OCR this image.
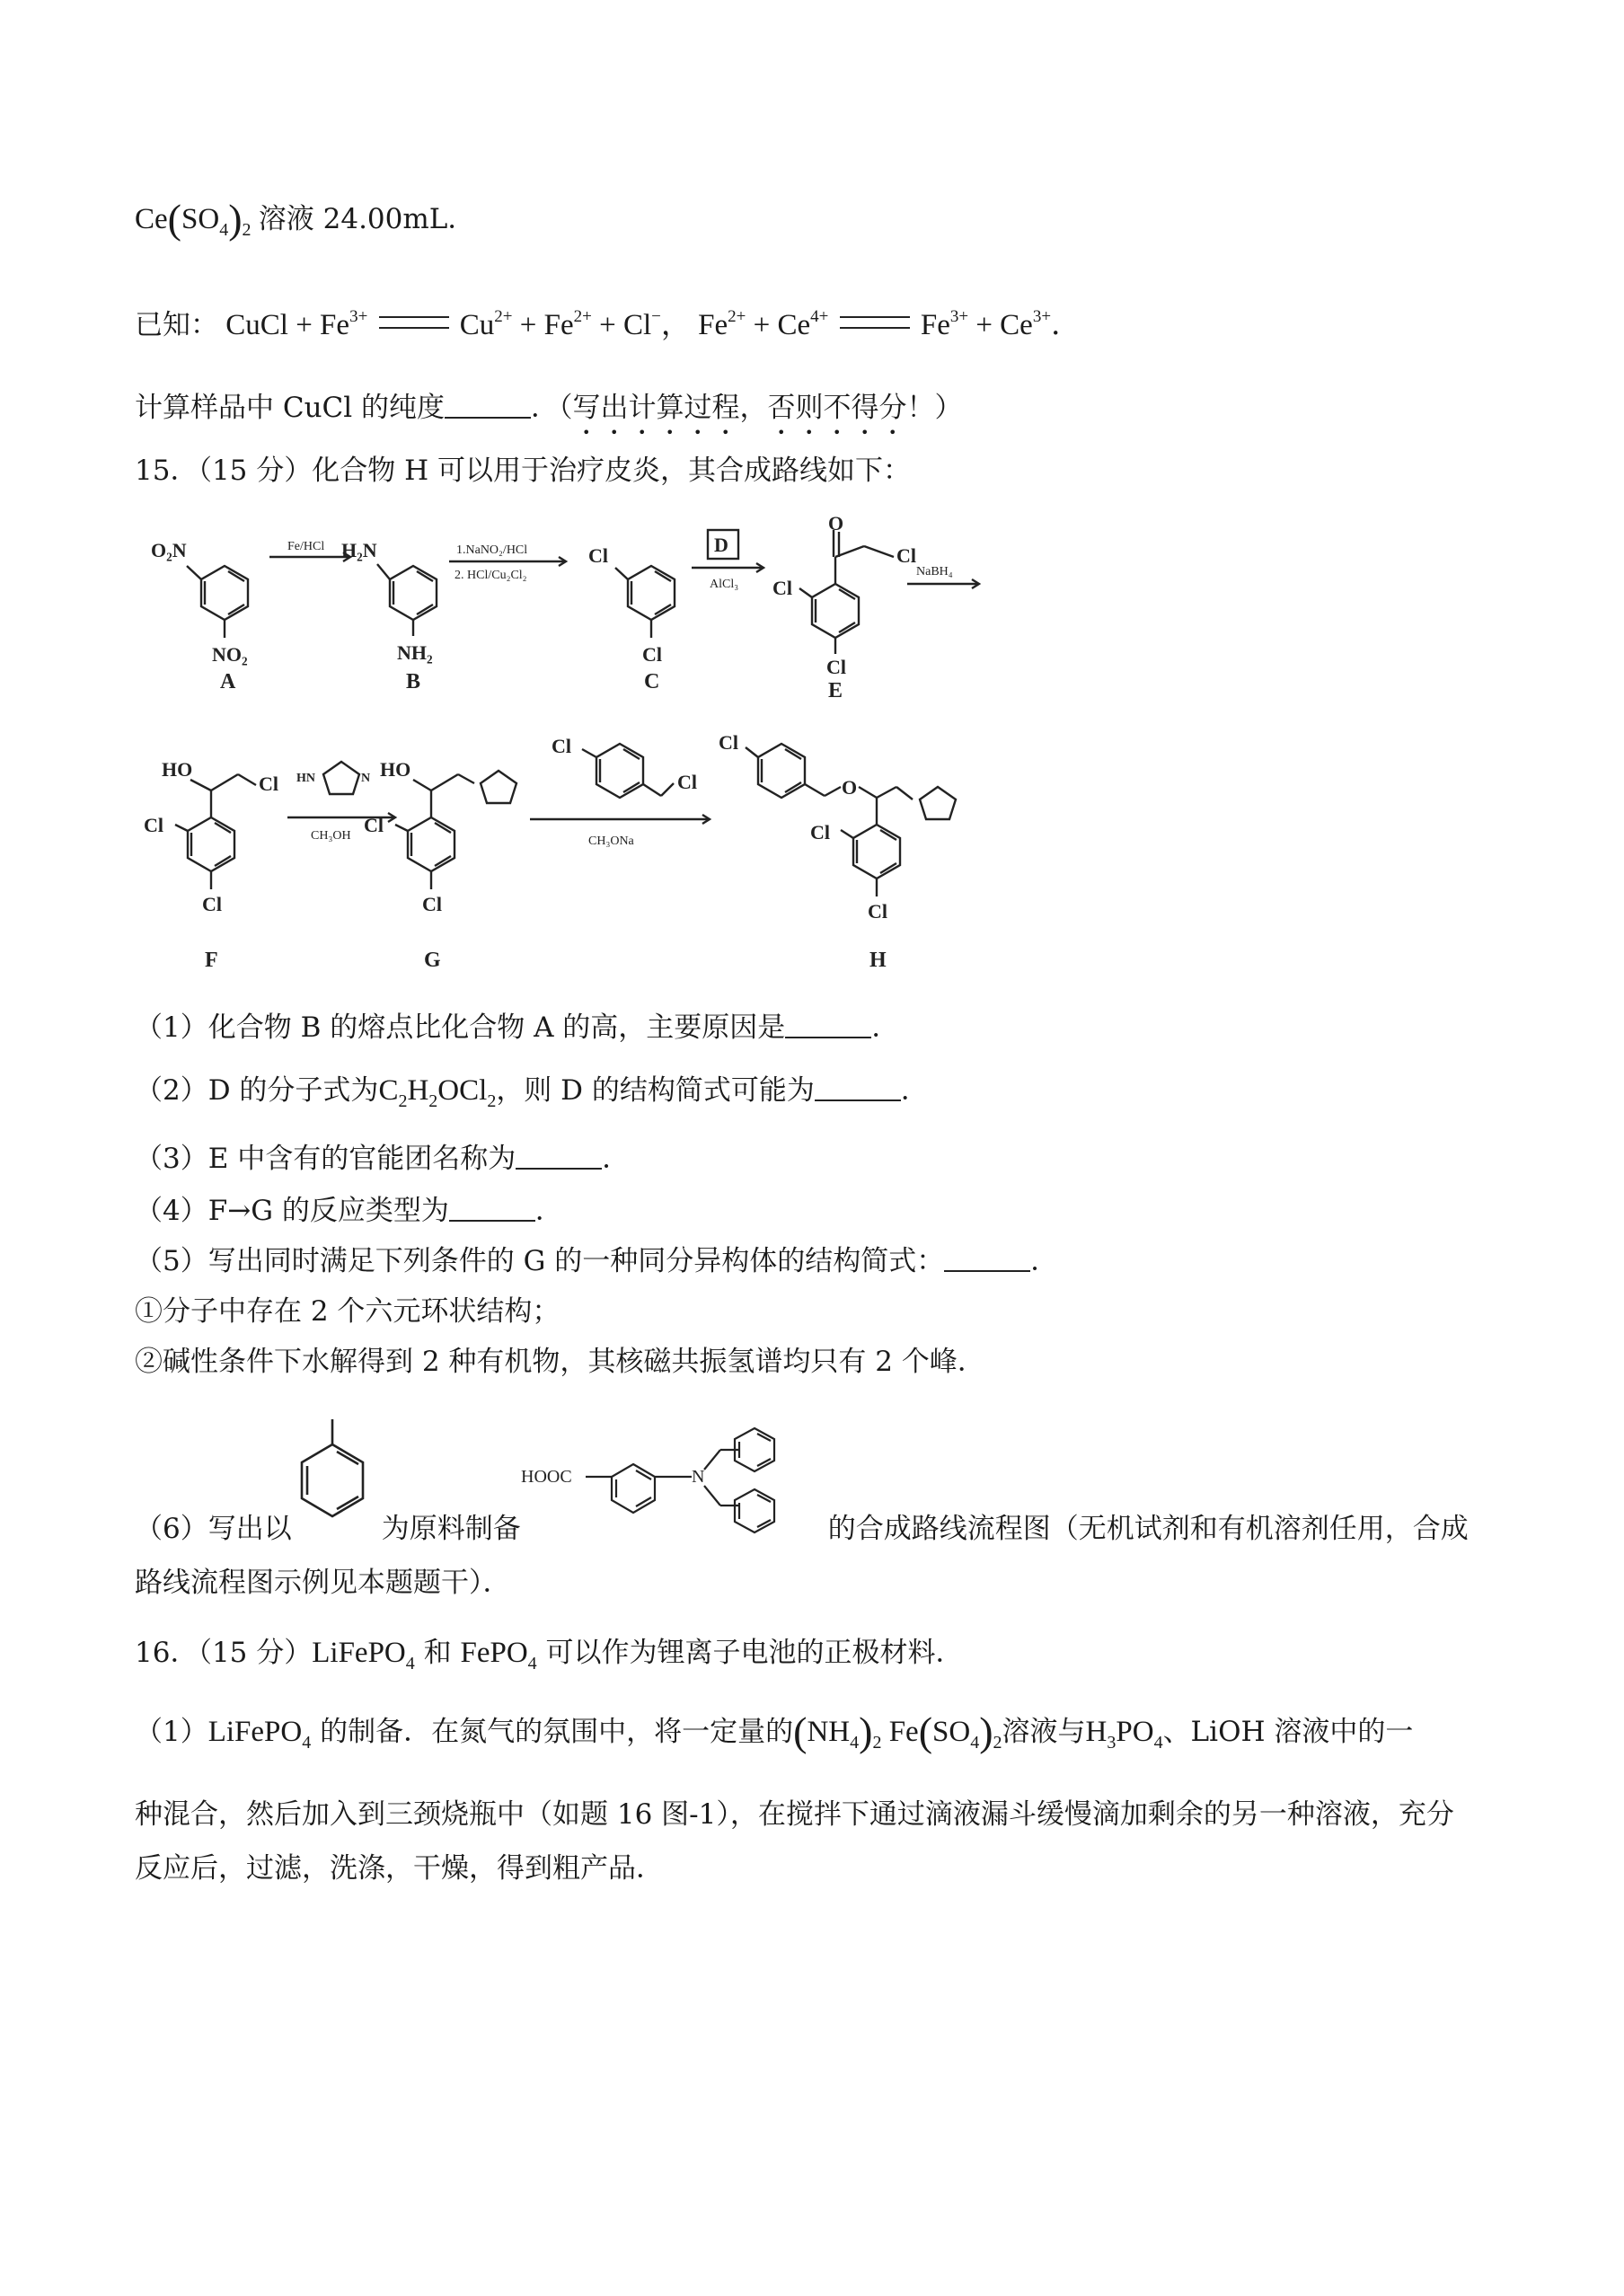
$Ce(SO_4)_2$ 溶液 24.00mL．
已知： CuCl + $Fe^{3+}$	$Cu^{2+} + Fe^{2+} + Cl^-$， $Fe^{2+} + Ce^{4+}$	$Fe^{3+} + Ce^{3+}$．
计算样品中 CuCl 的纯度	．（写出计算过程，否则不得分！）
15．（15 分）化合物 H 可以用于治疗皮炎，其合成路线如下：
O₂N
NO₂
A
Fe/HCl H₂N
NH₂
B
1.NaNO₂/HCl
2. HCl/Cu₂Cl₂
Cl
Cl
C
D
AlCl₃
O
Cl
Cl
Cl
E
NaBH₄
HO
Cl
Cl
Cl
F
HN	N
CH₃OH
HO
Cl
Cl
G
Cl
Cl
CH₃ONa
Cl
O
Cl
Cl
H
（1）化合物 B 的熔点比化合物 A 的高，主要原因是	．
（2）D 的分子式为$C_2H_2OCl_2$，则 D 的结构简式可能为	．
（3）E 中含有的官能团名称为	．
（4）F→G 的反应类型为	．
（5）写出同时满足下列条件的 G 的一种同分异构体的结构简式：	．
①分子中存在 2 个六元环状结构；
②碱性条件下水解得到 2 种有机物，其核磁共振氢谱均只有 2 个峰．
HOOC	N
（6）写出以	为原料制备	的合成路线流程图（无机试剂和有机溶剂任用，合成
路线流程图示例见本题题干）．
16．（15 分）LiFePO$_4$ 和 FePO$_4$ 可以作为锂离子电池的正极材料．
（1）LiFePO$_4$ 的制备．在氮气的氛围中，将一定量的$(NH_4)_2$ $Fe(SO_4)_2$溶液与$H_3PO_4$、LiOH 溶液中的一
种混合，然后加入到三颈烧瓶中（如题 16 图-1），在搅拌下通过滴液漏斗缓慢滴加剩余的另一种溶液，充分
反应后，过滤，洗涤，干燥，得到粗产品．
